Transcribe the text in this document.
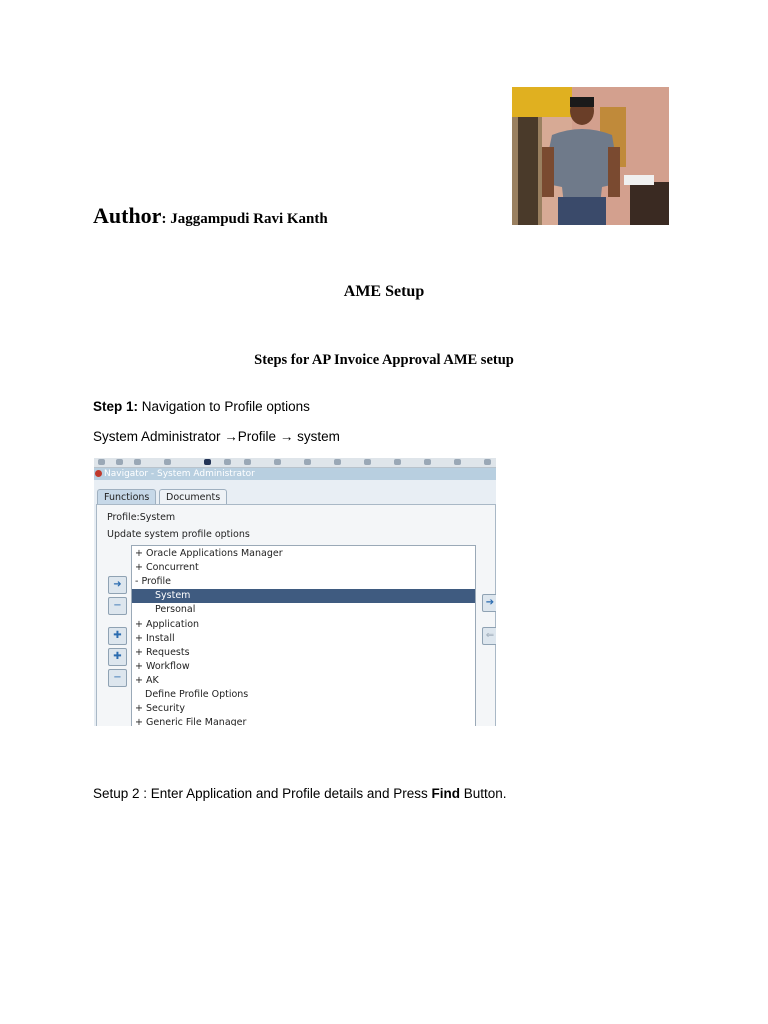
Author: Jaggampudi Ravi Kanth
AME Setup
Steps for AP Invoice Approval AME setup
Step 1: Navigation to Profile options
System Administrator →Profile → system
Navigator - System Administrator
Functions	Documents
Profile:System
Update system profile options
+ Oracle Applications Manager
+ Concurrent
- Profile
System
Personal
+ Application
+ Install
+ Requests
+ Workflow
+ AK
Define Profile Options
+ Security
+ Generic File Manager
➜
−
✚
✚
−
➔
⇐
Setup 2 : Enter Application and Profile details and Press Find Button.
